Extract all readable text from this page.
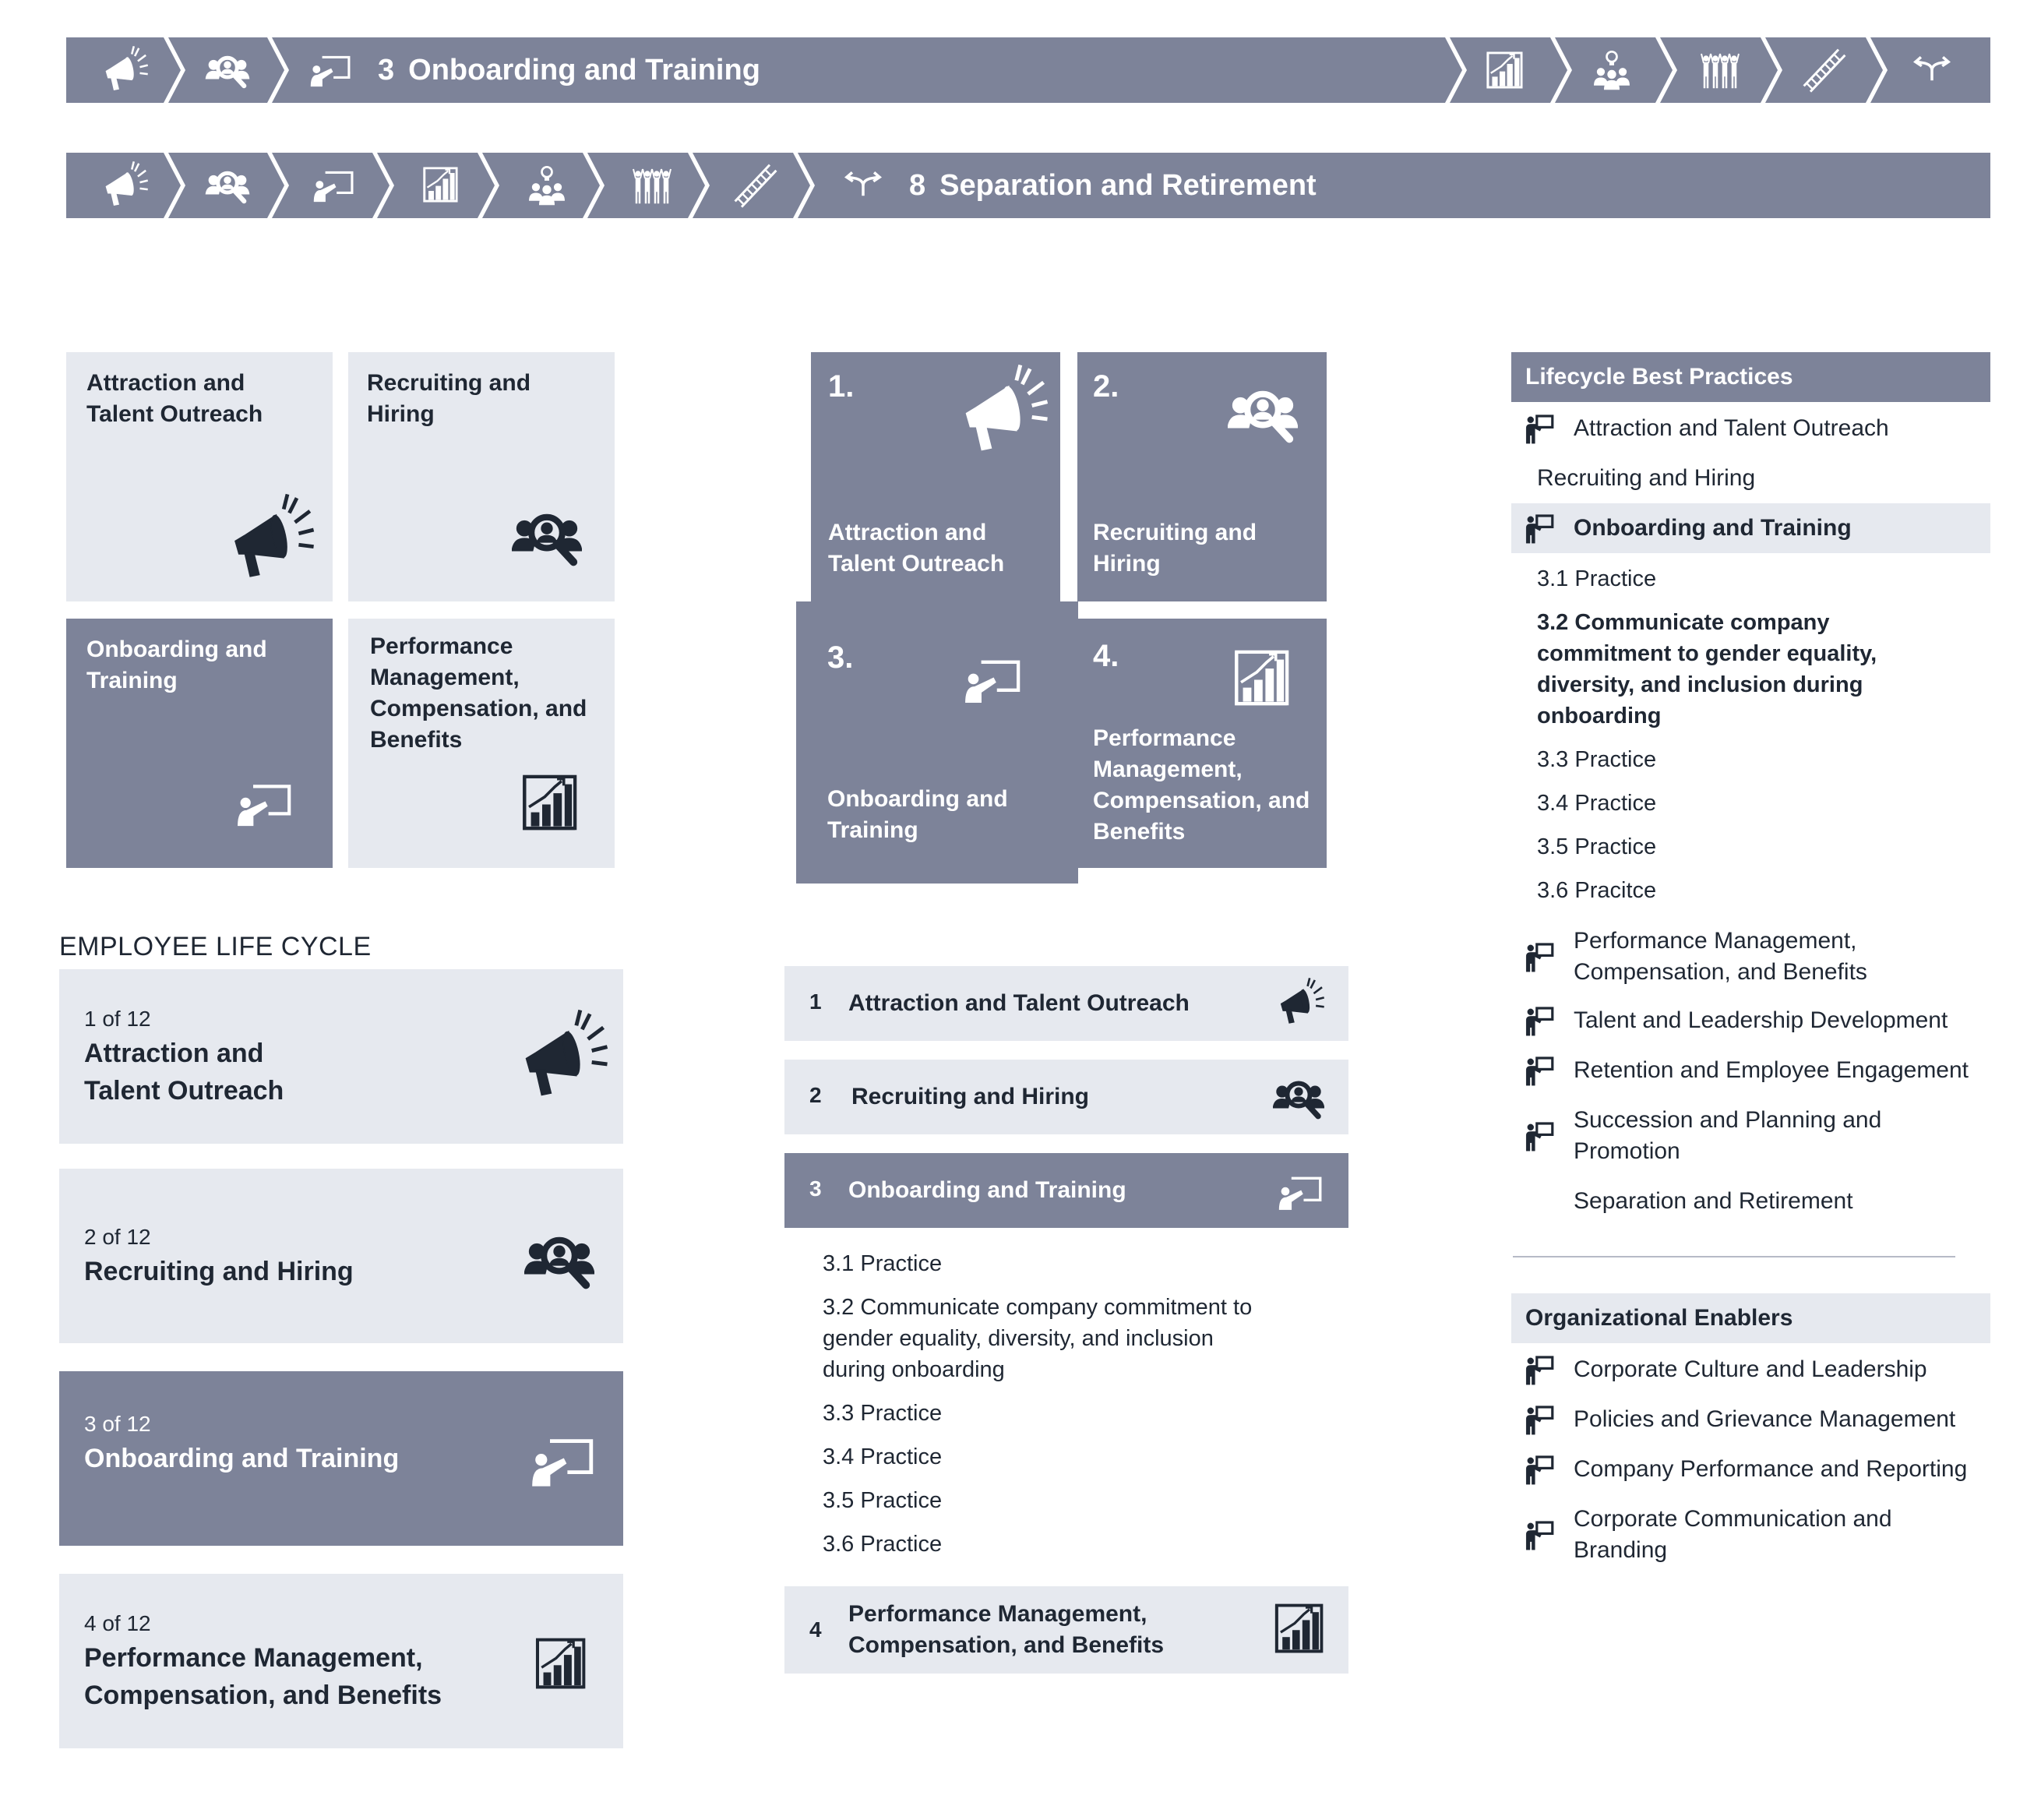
3 Onboarding and Training
8 Separation and Retirement
Attraction and
Talent Outreach
Recruiting and
Hiring
Onboarding and
Training
Performance
Management,
Compensation, and
Benefits
1.
Attraction and
Talent Outreach
2.
Recruiting and
Hiring
3.
Onboarding and
Training
4.
Performance
Management,
Compensation, and
Benefits
EMPLOYEE LIFE CYCLE
1 of 12
Attraction and
Talent Outreach
2 of 12
Recruiting and Hiring
3 of 12
Onboarding and Training
4 of 12
Performance Management,
Compensation, and Benefits
1 Attraction and Talent Outreach
2 Recruiting and Hiring
3 Onboarding and Training
3.1 Practice
3.2 Communicate company commitment to
gender equality, diversity, and inclusion
during onboarding
3.3 Practice
3.4 Practice
3.5 Practice
3.6 Practice
4
Performance Management,
Compensation, and Benefits
Lifecycle Best Practices
Attraction and Talent Outreach
Recruiting and Hiring
Onboarding and Training
3.1 Practice
3.2 Communicate company
commitment to gender equality,
diversity, and inclusion during
onboarding
3.3 Practice
3.4 Practice
3.5 Practice
3.6 Pracitce
Performance Management,
Compensation, and Benefits
Talent and Leadership Development
Retention and Employee Engagement
Succession and Planning and
Promotion
Separation and Retirement
Organizational Enablers
Corporate Culture and Leadership
Policies and Grievance Management
Company Performance and Reporting
Corporate Communication and
Branding
